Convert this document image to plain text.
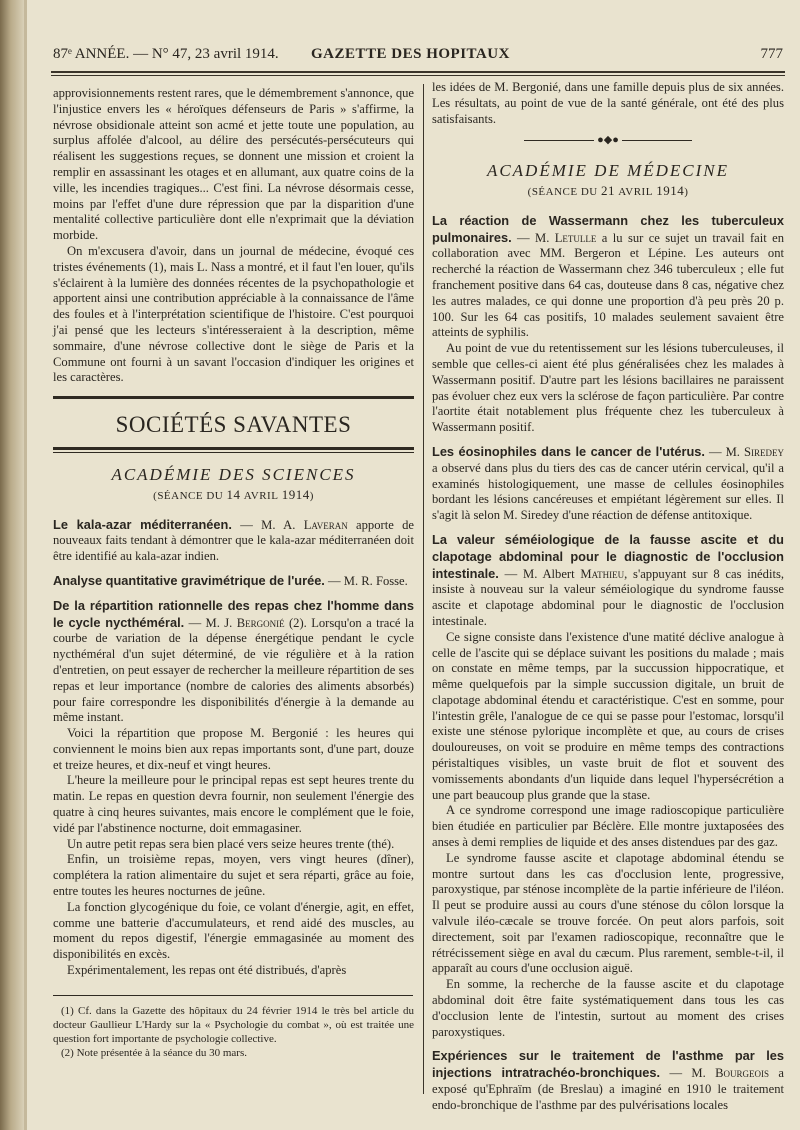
87ᵉ ANNÉE. — N° 47, 23 avril 1914. GAZETTE DES HOPITAUX	777

approvisionnements restent rares, que le démembrement s'annonce, que l'injustice envers les « héroïques défenseurs de Paris » s'affirme, la névrose obsidionale atteint son acmé et jette toute une population, au surplus affolée d'alcool, au délire des persécutés-persécuteurs qui réalisent les suggestions reçues, se donnent une mission et croient la remplir en assassinant les otages et en allumant, aux quatre coins de la ville, les incendies tragiques... C'est fini. La névrose désormais cesse, moins par l'effet d'une dure répression que par la disparition d'une mentalité collective particulière dont elle n'exprimait que la déviation morbide.

On m'excusera d'avoir, dans un journal de médecine, évoqué ces tristes événements (1), mais L. Nass a montré, et il faut l'en louer, qu'ils s'éclairent à la lumière des données récentes de la psychopathologie et apportent ainsi une contribution appréciable à la connaissance de l'âme des foules et à l'interprétation scientifique de l'histoire. C'est pourquoi j'ai pensé que les lecteurs s'intéresseraient à la description, même sommaire, d'une névrose collective dont le siège de Paris et la Commune ont fourni à un savant l'occasion d'indiquer les origines et les caractères.

SOCIÉTÉS SAVANTES
ACADÉMIE DES SCIENCES
(SÉANCE DU 14 AVRIL 1914)

Le kala-azar méditerranéen. — M. A. Laveran apporte de nouveaux faits tendant à démontrer que le kala-azar méditerranéen doit être identifié au kala-azar indien.

Analyse quantitative gravimétrique de l'urée. — M. R. Fosse.

De la répartition rationnelle des repas chez l'homme dans le cycle nycthéméral. — M. J. Bergonié (2). Lorsqu'on a tracé la courbe de variation de la dépense énergétique pendant le cycle nycthéméral d'un sujet déterminé, de vie régulière et à la ration d'entretien, on peut essayer de rechercher la meilleure répartition de ses repas et leur importance (nombre de calories des aliments absorbés) pour faire correspondre les disponibilités d'énergie à la demande au même instant.

Voici la répartition que propose M. Bergonié : les heures qui conviennent le moins bien aux repas importants sont, d'une part, douze et treize heures, et dix-neuf et vingt heures.

L'heure la meilleure pour le principal repas est sept heures trente du matin. Le repas en question devra fournir, non seulement l'énergie des quatre à cinq heures suivantes, mais encore le complément que le foie, vidé par l'abstinence nocturne, doit emmagasiner.

Un autre petit repas sera bien placé vers seize heures trente (thé).

Enfin, un troisième repas, moyen, vers vingt heures (dîner), complétera la ration alimentaire du sujet et sera réparti, grâce au foie, entre toutes les heures nocturnes de jeûne.

La fonction glycogénique du foie, ce volant d'énergie, agit, en effet, comme une batterie d'accumulateurs, et rend aidé des muscles, au moment du repos digestif, l'énergie emmagasinée au moment des disponibilités en excès.

Expérimentalement, les repas ont été distribués, d'après

(1) Cf. dans la Gazette des hôpitaux du 24 février 1914 le très bel article du docteur Gaullieur L'Hardy sur la « Psychologie du combat », où est traitée une question fort importante de psychologie collective.

(2) Note présentée à la séance du 30 mars.

les idées de M. Bergonié, dans une famille depuis plus de six années. Les résultats, au point de vue de la santé générale, ont été des plus satisfaisants.

●◆●
ACADÉMIE DE MÉDECINE
(SÉANCE DU 21 AVRIL 1914)

La réaction de Wassermann chez les tuberculeux pulmonaires. — M. Letulle a lu sur ce sujet un travail fait en collaboration avec MM. Bergeron et Lépine. Les auteurs ont recherché la réaction de Wassermann chez 346 tuberculeux ; elle fut franchement positive dans 64 cas, douteuse dans 8 cas, négative chez les autres malades, ce qui donne une proportion d'à peu près 20 p. 100. Sur les 64 cas positifs, 10 malades seulement savaient être atteints de syphilis.

Au point de vue du retentissement sur les lésions tuberculeuses, il semble que celles-ci aient été plus généralisées chez les malades à Wassermann positif. D'autre part les lésions bacillaires ne paraissent pas évoluer chez eux vers la sclérose de façon particulière. Par contre l'aortite était notablement plus fréquente chez les tuberculeux à Wassermann positif.

Les éosinophiles dans le cancer de l'utérus. — M. Siredey a observé dans plus du tiers des cas de cancer utérin cervical, qu'il a examinés histologiquement, une masse de cellules éosinophiles bordant les lésions cancéreuses et empiétant légèrement sur elles. Il s'agit là selon M. Siredey d'une réaction de défense antitoxique.

La valeur séméiologique de la fausse ascite et du clapotage abdominal pour le diagnostic de l'occlusion intestinale. — M. Albert Mathieu, s'appuyant sur 8 cas inédits, insiste à nouveau sur la valeur séméiologique du syndrome fausse ascite et clapotage abdominal pour le diagnostic de l'occlusion intestinale.

Ce signe consiste dans l'existence d'une matité déclive analogue à celle de l'ascite qui se déplace suivant les positions du malade ; mais on constate en même temps, par la succussion hippocratique, et même quelquefois par la simple succussion digitale, un bruit de clapotage abdominal étendu et caractéristique. C'est en somme, pour l'intestin grêle, l'analogue de ce qui se passe pour l'estomac, lorsqu'il existe une sténose pylorique incomplète et que, au cours de crises douloureuses, on voit se produire en même temps des contractions péristaltiques visibles, un vaste bruit de flot et souvent des vomissements abondants d'un liquide dans lequel l'hypersécrétion a une part beaucoup plus grande que la stase.

A ce syndrome correspond une image radioscopique particulière bien étudiée en particulier par Béclère. Elle montre juxtaposées des anses à demi remplies de liquide et des anses distendues par des gaz.

Le syndrome fausse ascite et clapotage abdominal étendu se montre surtout dans les cas d'occlusion lente, progressive, paroxystique, par sténose incomplète de la partie inférieure de l'iléon. Il peut se produire aussi au cours d'une sténose du côlon lorsque la valvule iléo-cæcale se trouve forcée. On peut alors parfois, soit directement, soit par l'examen radioscopique, reconnaître que le rétrécissement siège en aval du cæcum. Plus rarement, semble-t-il, il apparaît au cours d'une occlusion aiguë.

En somme, la recherche de la fausse ascite et du clapotage abdominal doit être faite systématiquement dans tous les cas d'occlusion lente de l'intestin, surtout au moment des crises paroxystiques.

Expériences sur le traitement de l'asthme par les injections intratrachéo-bronchiques. — M. Bourgeois a exposé qu'Ephraïm (de Breslau) a imaginé en 1910 le traitement endo-bronchique de l'asthme par des pulvérisations locales
